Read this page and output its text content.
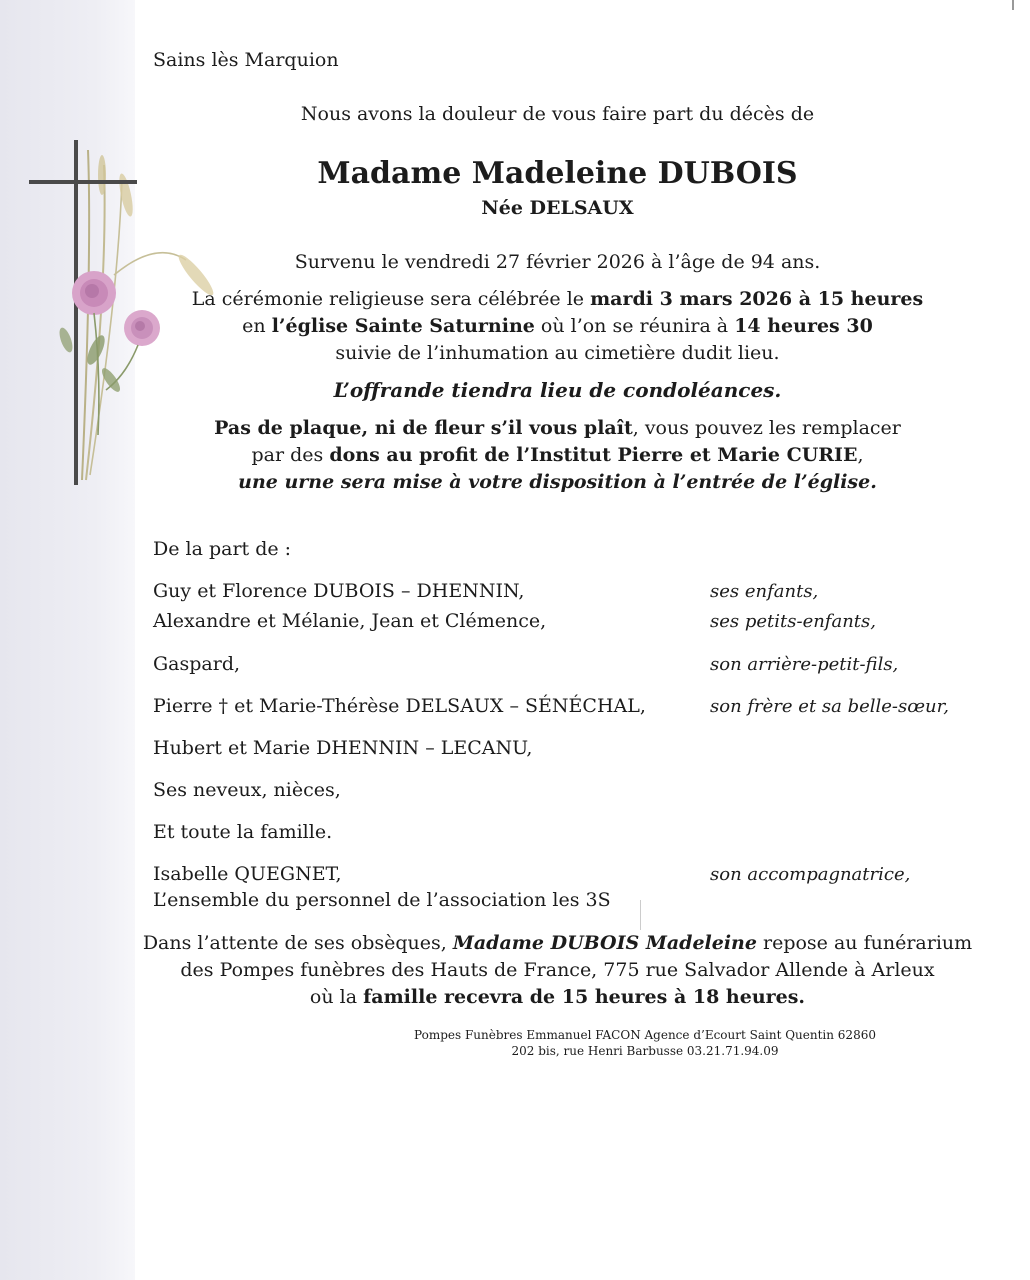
Sains lès Marquion
Nous avons la douleur de vous faire part du décès de
Madame Madeleine DUBOIS
Née DELSAUX
Survenu le vendredi 27 février 2026 à l’âge de 94 ans.
La cérémonie religieuse sera célébrée le mardi 3 mars 2026 à 15 heures
en l’église Sainte Saturnine où l’on se réunira à 14 heures 30
suivie de l’inhumation au cimetière dudit lieu.
L’offrande tiendra lieu de condoléances.
Pas de plaque, ni de fleur s’il vous plaît, vous pouvez les remplacer
par des dons au profit de l’Institut Pierre et Marie CURIE,
une urne sera mise à votre disposition à l’entrée de l’église.
De la part de :
Guy et Florence DUBOIS – DHENNIN,	ses enfants,
Alexandre et Mélanie, Jean et Clémence,	ses petits-enfants,
Gaspard,	son arrière-petit-fils,
Pierre † et Marie-Thérèse DELSAUX – SÉNÉCHAL,	son frère et sa belle-sœur,
Hubert et Marie DHENNIN – LECANU,
Ses neveux, nièces,
Et toute la famille.
Isabelle QUEGNET,	son accompagnatrice,
L’ensemble du personnel de l’association les 3S
Dans l’attente de ses obsèques, Madame DUBOIS Madeleine repose au funérarium
des Pompes funèbres des Hauts de France, 775 rue Salvador Allende à Arleux
où la famille recevra de 15 heures à 18 heures.
Pompes Funèbres Emmanuel FACON Agence d’Ecourt Saint Quentin 62860
202 bis, rue Henri Barbusse 03.21.71.94.09
